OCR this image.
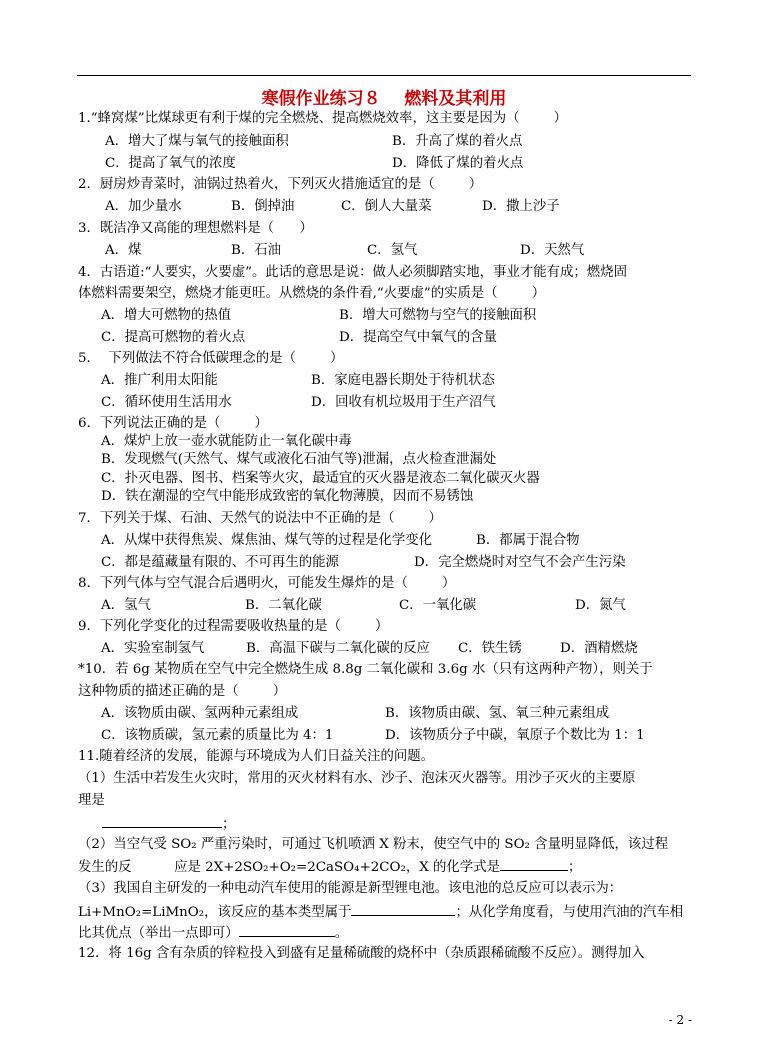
寒假作业练习８    燃料及其利用
1.“蜂窝煤”比煤球更有利于煤的完全燃烧、提高燃烧效率，这主要是因为（        ）
A．增大了煤与氧气的接触面积	B．升高了煤的着火点
C．提高了氧气的浓度	D．降低了煤的着火点
2．厨房炒青菜时，油锅过热着火，下列灭火措施适宜的是（        ）
A．加少量水	B．倒掉油	C．倒人大量菜	D．撒上沙子
3．既洁净又高能的理想燃料是（      ）
A．煤	B．石油	C．氢气	D．天然气
4．古语道:“人要实，火要虚”。此话的意思是说：做人必须脚踏实地，事业才能有成；燃烧固
体燃料需要架空，燃烧才能更旺。从燃烧的条件看,“火要虚”的实质是（        ）
A．增大可燃物的热值	B．增大可燃物与空气的接触面积
C．提高可燃物的着火点	D．提高空气中氧气的含量
5．  下列做法不符合低碳理念的是（        ）
A．推广利用太阳能	B．家庭电器长期处于待机状态
C．循环使用生活用水	D．回收有机垃圾用于生产沼气
6．下列说法正确的是（        ）
A．煤炉上放一壶水就能防止一氧化碳中毒
B．发现燃气(天然气、煤气或液化石油气等)泄漏，点火检查泄漏处
C．扑灭电器、图书、档案等火灾，最适宜的灭火器是液态二氧化碳灭火器
D．铁在潮湿的空气中能形成致密的氧化物薄膜，因而不易锈蚀
7．下列关于煤、石油、天然气的说法中不正确的是（        ）
A．从煤中获得焦炭、煤焦油、煤气等的过程是化学变化	B．都属于混合物
C．都是蕴藏量有限的、不可再生的能源	D．完全燃烧时对空气不会产生污染
8．下列气体与空气混合后遇明火，可能发生爆炸的是（        ）
A．氢气	B．二氧化碳	C．一氧化碳	D．氮气
9．下列化学变化的过程需要吸收热量的是（        ）
A．实验室制氢气	B．高温下碳与二氧化碳的反应 C．铁生锈	D．酒精燃烧
*10．若 6g 某物质在空气中完全燃烧生成 8.8g 二氧化碳和 3.6g 水（只有这两种产物），则关于
这种物质的描述正确的是（        ）
A．该物质由碳、氢两种元素组成	B．该物质由碳、氢、氧三种元素组成
C．该物质碳，氢元素的质量比为 4：1	D．该物质分子中碳，氧原子个数比为 1：1
11.随着经济的发展，能源与环境成为人们日益关注的问题。
（1）生活中若发生火灾时，常用的灭火材料有水、沙子、泡沫灭火器等。用沙子灭火的主要原
理是
；
（2）当空气受 SO₂ 严重污染时，可通过飞机喷洒 X 粉末，使空气中的 SO₂ 含量明显降低，该过程
发生的反          应是 2X+2SO₂+O₂=2CaSO₄+2CO₂，X 的化学式是	；
（3）我国自主研发的一种电动汽车使用的能源是新型锂电池。该电池的总反应可以表示为：
Li+MnO₂=LiMnO₂，该反应的基本类型属于	；从化学角度看，与使用汽油的汽车相
比其优点（举出一点即可）	。
12．将 16g 含有杂质的锌粒投入到盛有足量稀硫酸的烧杯中（杂质跟稀硫酸不反应）。测得加入
- 2 -
